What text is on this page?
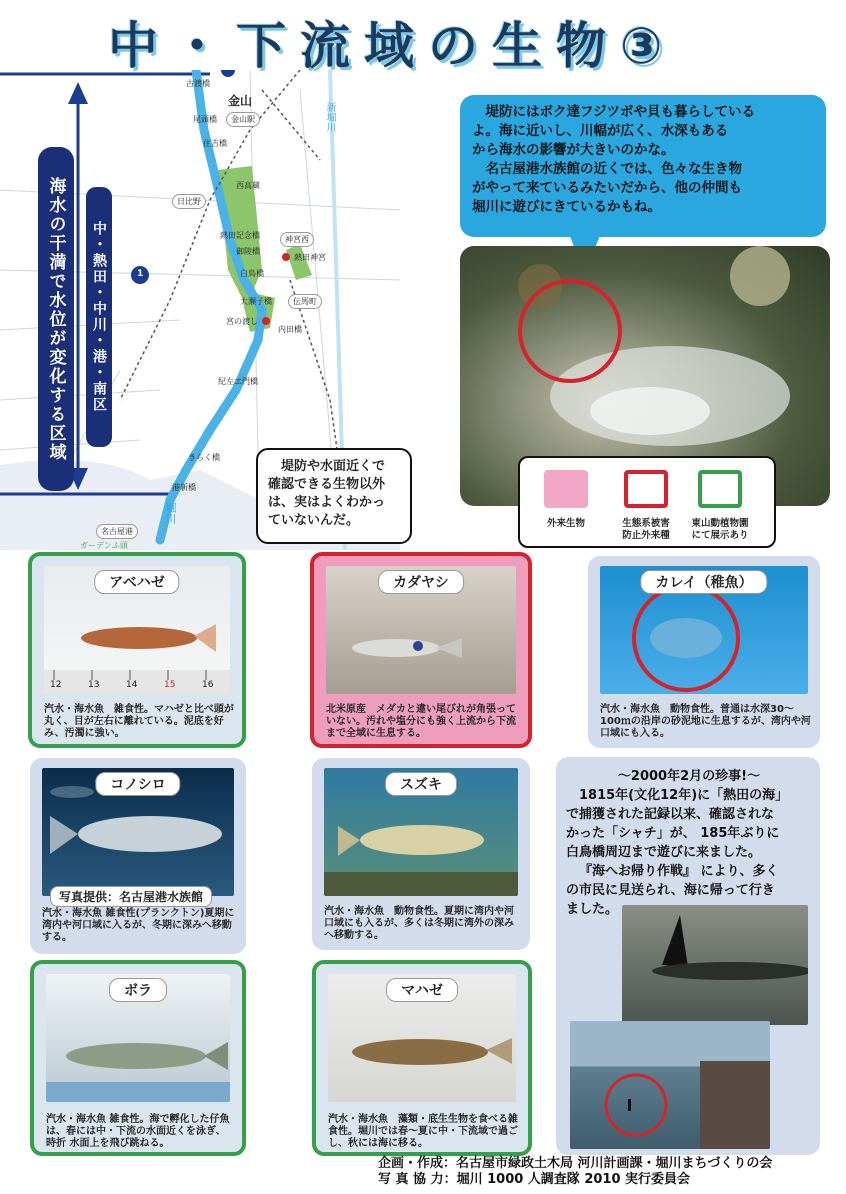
中・下流域の生物③
海水の干満で水位が変化する区域 中・熱田・中川・港・南区
金山
新堀川
堀川
1
古渡橋
尾頭橋
住吉橋
熱田記念橋
日比野
西高蔵
御陵橋
白鳥橋
大瀬子橋
紀左ヱ門橋
きらく橋
港新橋
金山駅
内田橋
伝馬町
神宮西
名古屋港
熱田神宮
宮の渡し
ガーデンふ頭
堤防にはボク達フジツボや貝も暮らしている
よ。海に近いし、川幅が広く、水深もある
から海水の影響が大きいのかな。
名古屋港水族館の近くでは、色々な生き物
がやって来ているみたいだから、他の仲間も
堀川に遊びにきているかもね。
外来生物	生態系被害
防止外来種
東山動植物園
にて展示あり
堤防や水面近くで
確認できる生物以外
は、実はよくわかっ
ていないんだ。
12	13	14	15	16
アベハゼ
汽水・海水魚　雑食性。マハゼと比べ頭が丸く、目が左右に離れている。泥底を好み、汚濁に強い。
カダヤシ
北米原産　メダカと違い尾びれが角張っていない。汚れや塩分にも強く上流から下流まで全域に生息する。
カレイ（稚魚）
汽水・海水魚　動物食性。普通は水深30〜100ｍの沿岸の砂泥地に生息するが、湾内や河口域にも入る。
コノシロ
写真提供：名古屋港水族館
汽水・海水魚 雑食性(プランクトン)夏期に湾内や河口域に入るが、冬期に深みへ移動する。
スズキ
汽水・海水魚　動物食性。夏期に湾内や河口域にも入るが、多くは冬期に湾外の深みへ移動する。
ボラ
汽水・海水魚 雑食性。海で孵化した仔魚は、春には中・下流の水面近くを泳ぎ、時折 水面上を飛び跳ねる。
マハゼ
汽水・海水魚　藻類・底生生物を食べる雑食性。堀川では春〜夏に中・下流域で過ごし、秋には海に移る。
〜2000年2月の珍事!〜
1815年(文化12年)に「熱田の海」
で捕獲された記録以来、確認されな
かった「シャチ」が、 185年ぶりに
白鳥橋周辺まで遊びに来ました。
『海へお帰り作戦』 により、多く
の市民に見送られ、海に帰って行き
ました。
企画・作成：名古屋市緑政土木局 河川計画課・堀川まちづくりの会
写 真 協 力：堀川 1000 人調査隊 2010 実行委員会
